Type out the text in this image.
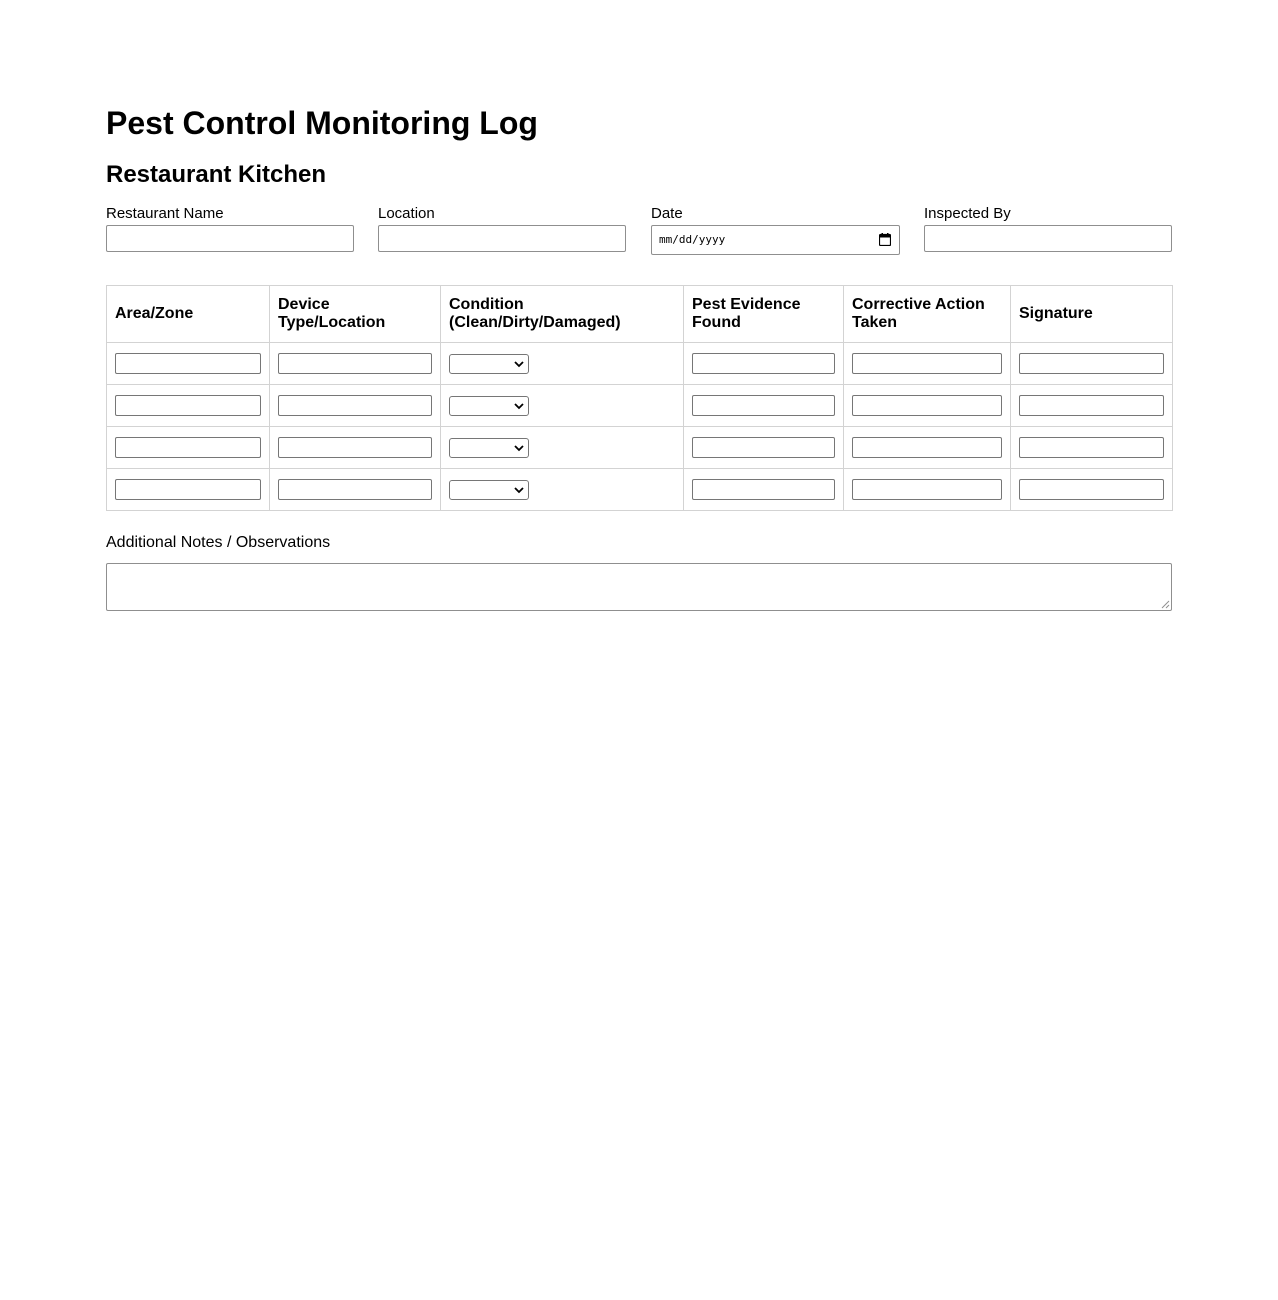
Pest Control Monitoring Log
Restaurant Kitchen
Restaurant Name	Location	Date
mm/dd/yyyy
Inspected By
Area/Zone	Device Type/Location	Condition (Clean/Dirty/Damaged)	Pest Evidence Found	Corrective Action Taken	Signature

Additional Notes / Observations
